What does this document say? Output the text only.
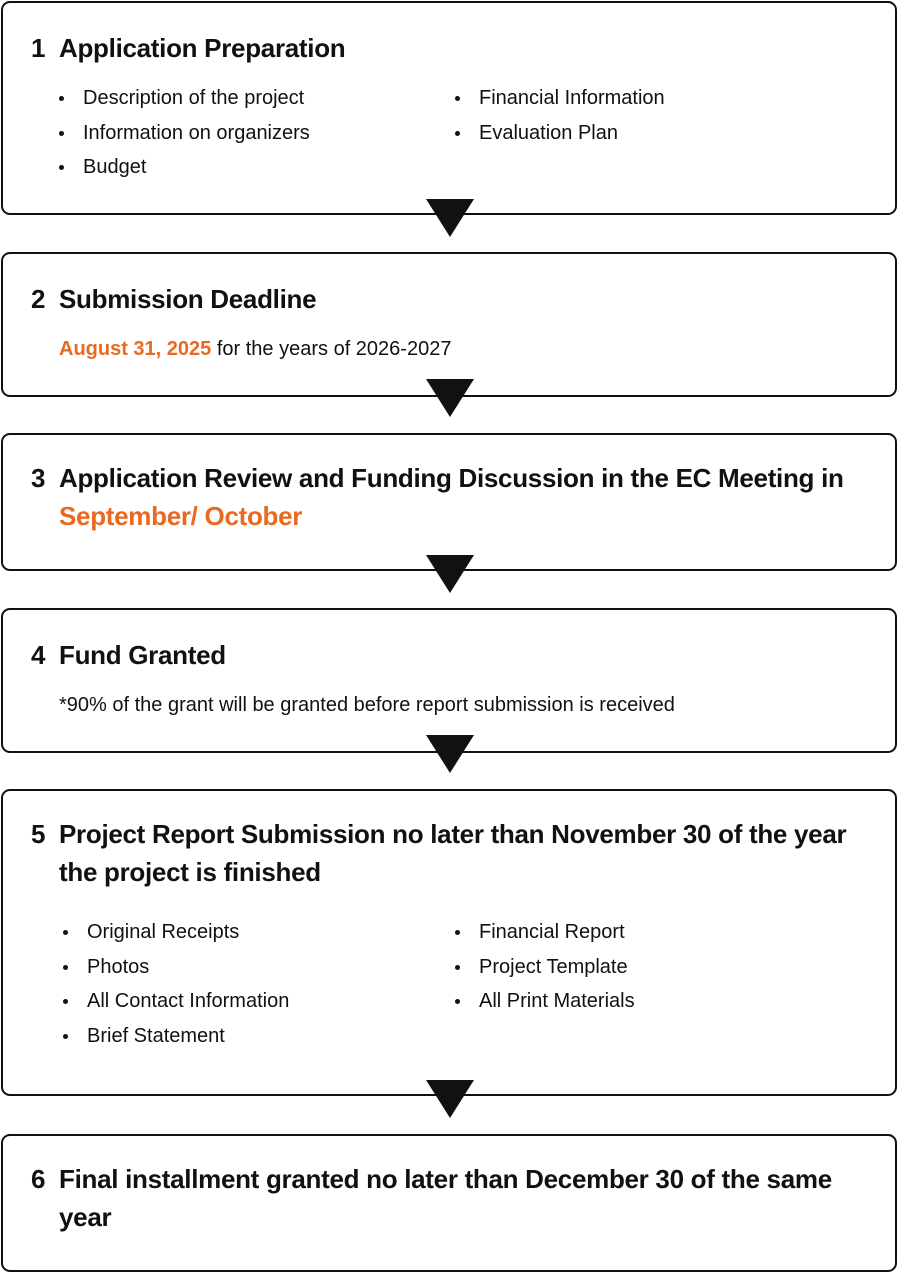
1 Application Preparation
Description of the project
Information on organizers
Budget
Financial Information
Evaluation Plan
2 Submission Deadline
August 31, 2025 for the years of 2026-2027
3 Application Review and Funding Discussion in the EC Meeting in
September/ October
4 Fund Granted
*90% of the grant will be granted before report submission is received
5 Project Report Submission no later than November 30 of the year the project is finished
Original Receipts
Photos
All Contact Information
Brief Statement
Financial Report
Project Template
All Print Materials
6 Final installment granted no later than December 30 of the same year
